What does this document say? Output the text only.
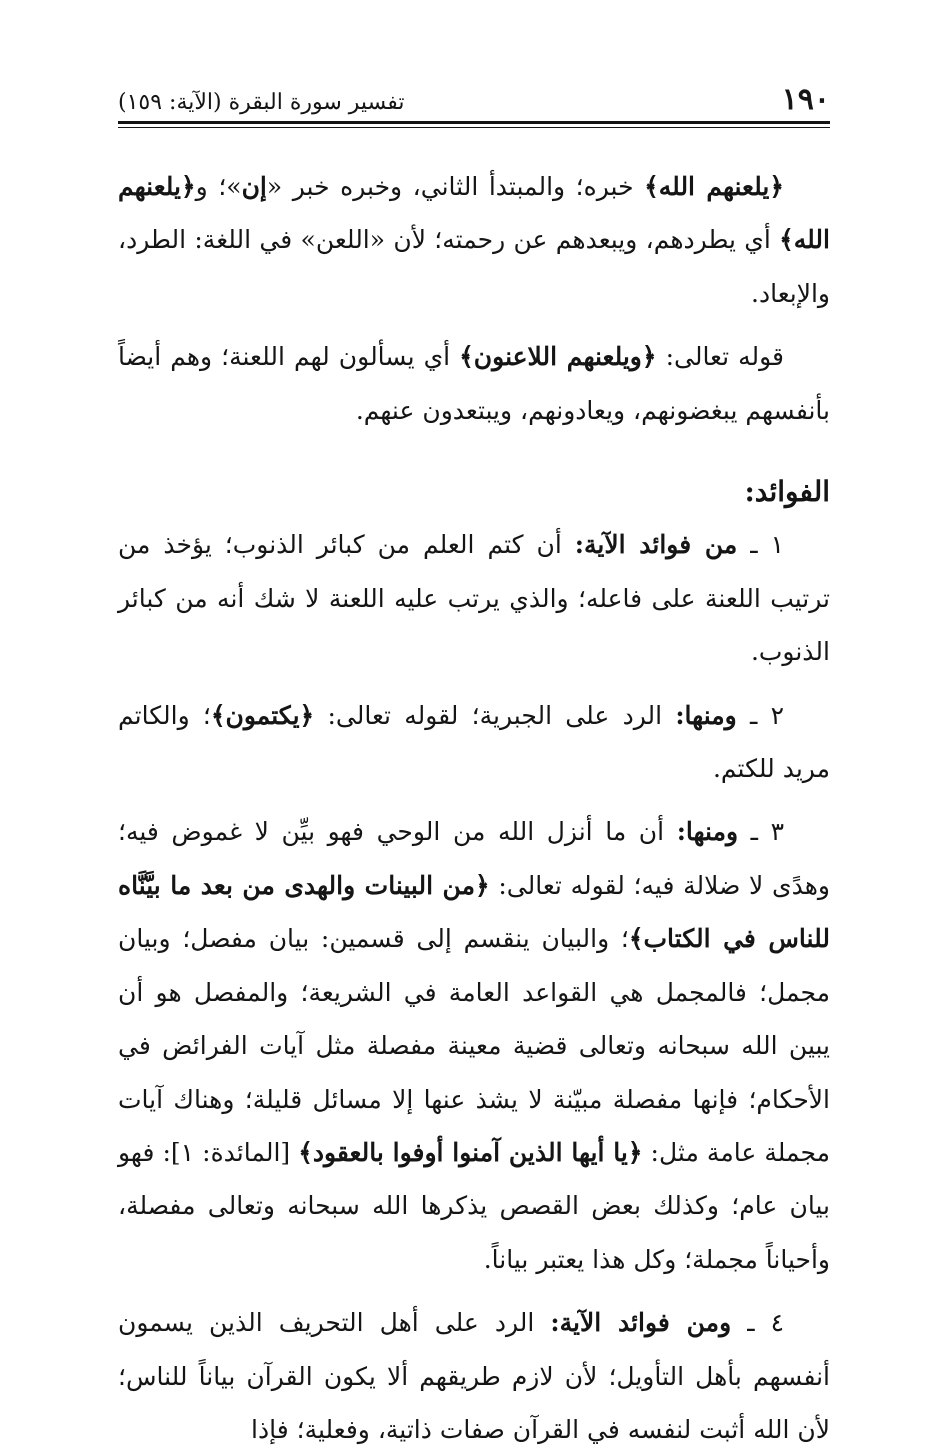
١٩٠
تفسير سورة البقرة (الآية: ١٥٩)

﴿يلعنهم الله﴾ خبره؛ والمبتدأ الثاني، وخبره خبر «إن»؛ و﴿يلعنهم الله﴾ أي يطردهم، ويبعدهم عن رحمته؛ لأن «اللعن» في اللغة: الطرد، والإبعاد.

قوله تعالى: ﴿ويلعنهم اللاعنون﴾ أي يسألون لهم اللعنة؛ وهم أيضاً بأنفسهم يبغضونهم، ويعادونهم، ويبتعدون عنهم.

الفوائد:

١ ـ من فوائد الآية: أن كتم العلم من كبائر الذنوب؛ يؤخذ من ترتيب اللعنة على فاعله؛ والذي يرتب عليه اللعنة لا شك أنه من كبائر الذنوب.

٢ ـ ومنها: الرد على الجبرية؛ لقوله تعالى: ﴿يكتمون﴾؛ والكاتم مريد للكتم.

٣ ـ ومنها: أن ما أنزل الله من الوحي فهو بيِّن لا غموض فيه؛ وهدًى لا ضلالة فيه؛ لقوله تعالى: ﴿من البينات والهدى من بعد ما بيَّنَّاه للناس في الكتاب﴾؛ والبيان ينقسم إلى قسمين: بيان مفصل؛ وبيان مجمل؛ فالمجمل هي القواعد العامة في الشريعة؛ والمفصل هو أن يبين الله سبحانه وتعالى قضية معينة مفصلة مثل آيات الفرائض في الأحكام؛ فإنها مفصلة مبيّنة لا يشذ عنها إلا مسائل قليلة؛ وهناك آيات مجملة عامة مثل: ﴿يا أيها الذين آمنوا أوفوا بالعقود﴾ [المائدة: ١]: فهو بيان عام؛ وكذلك بعض القصص يذكرها الله سبحانه وتعالى مفصلة، وأحياناً مجملة؛ وكل هذا يعتبر بياناً.

٤ ـ ومن فوائد الآية: الرد على أهل التحريف الذين يسمون أنفسهم بأهل التأويل؛ لأن لازم طريقهم ألا يكون القرآن بياناً للناس؛ لأن الله أثبت لنفسه في القرآن صفات ذاتية، وفعلية؛ فإذا
